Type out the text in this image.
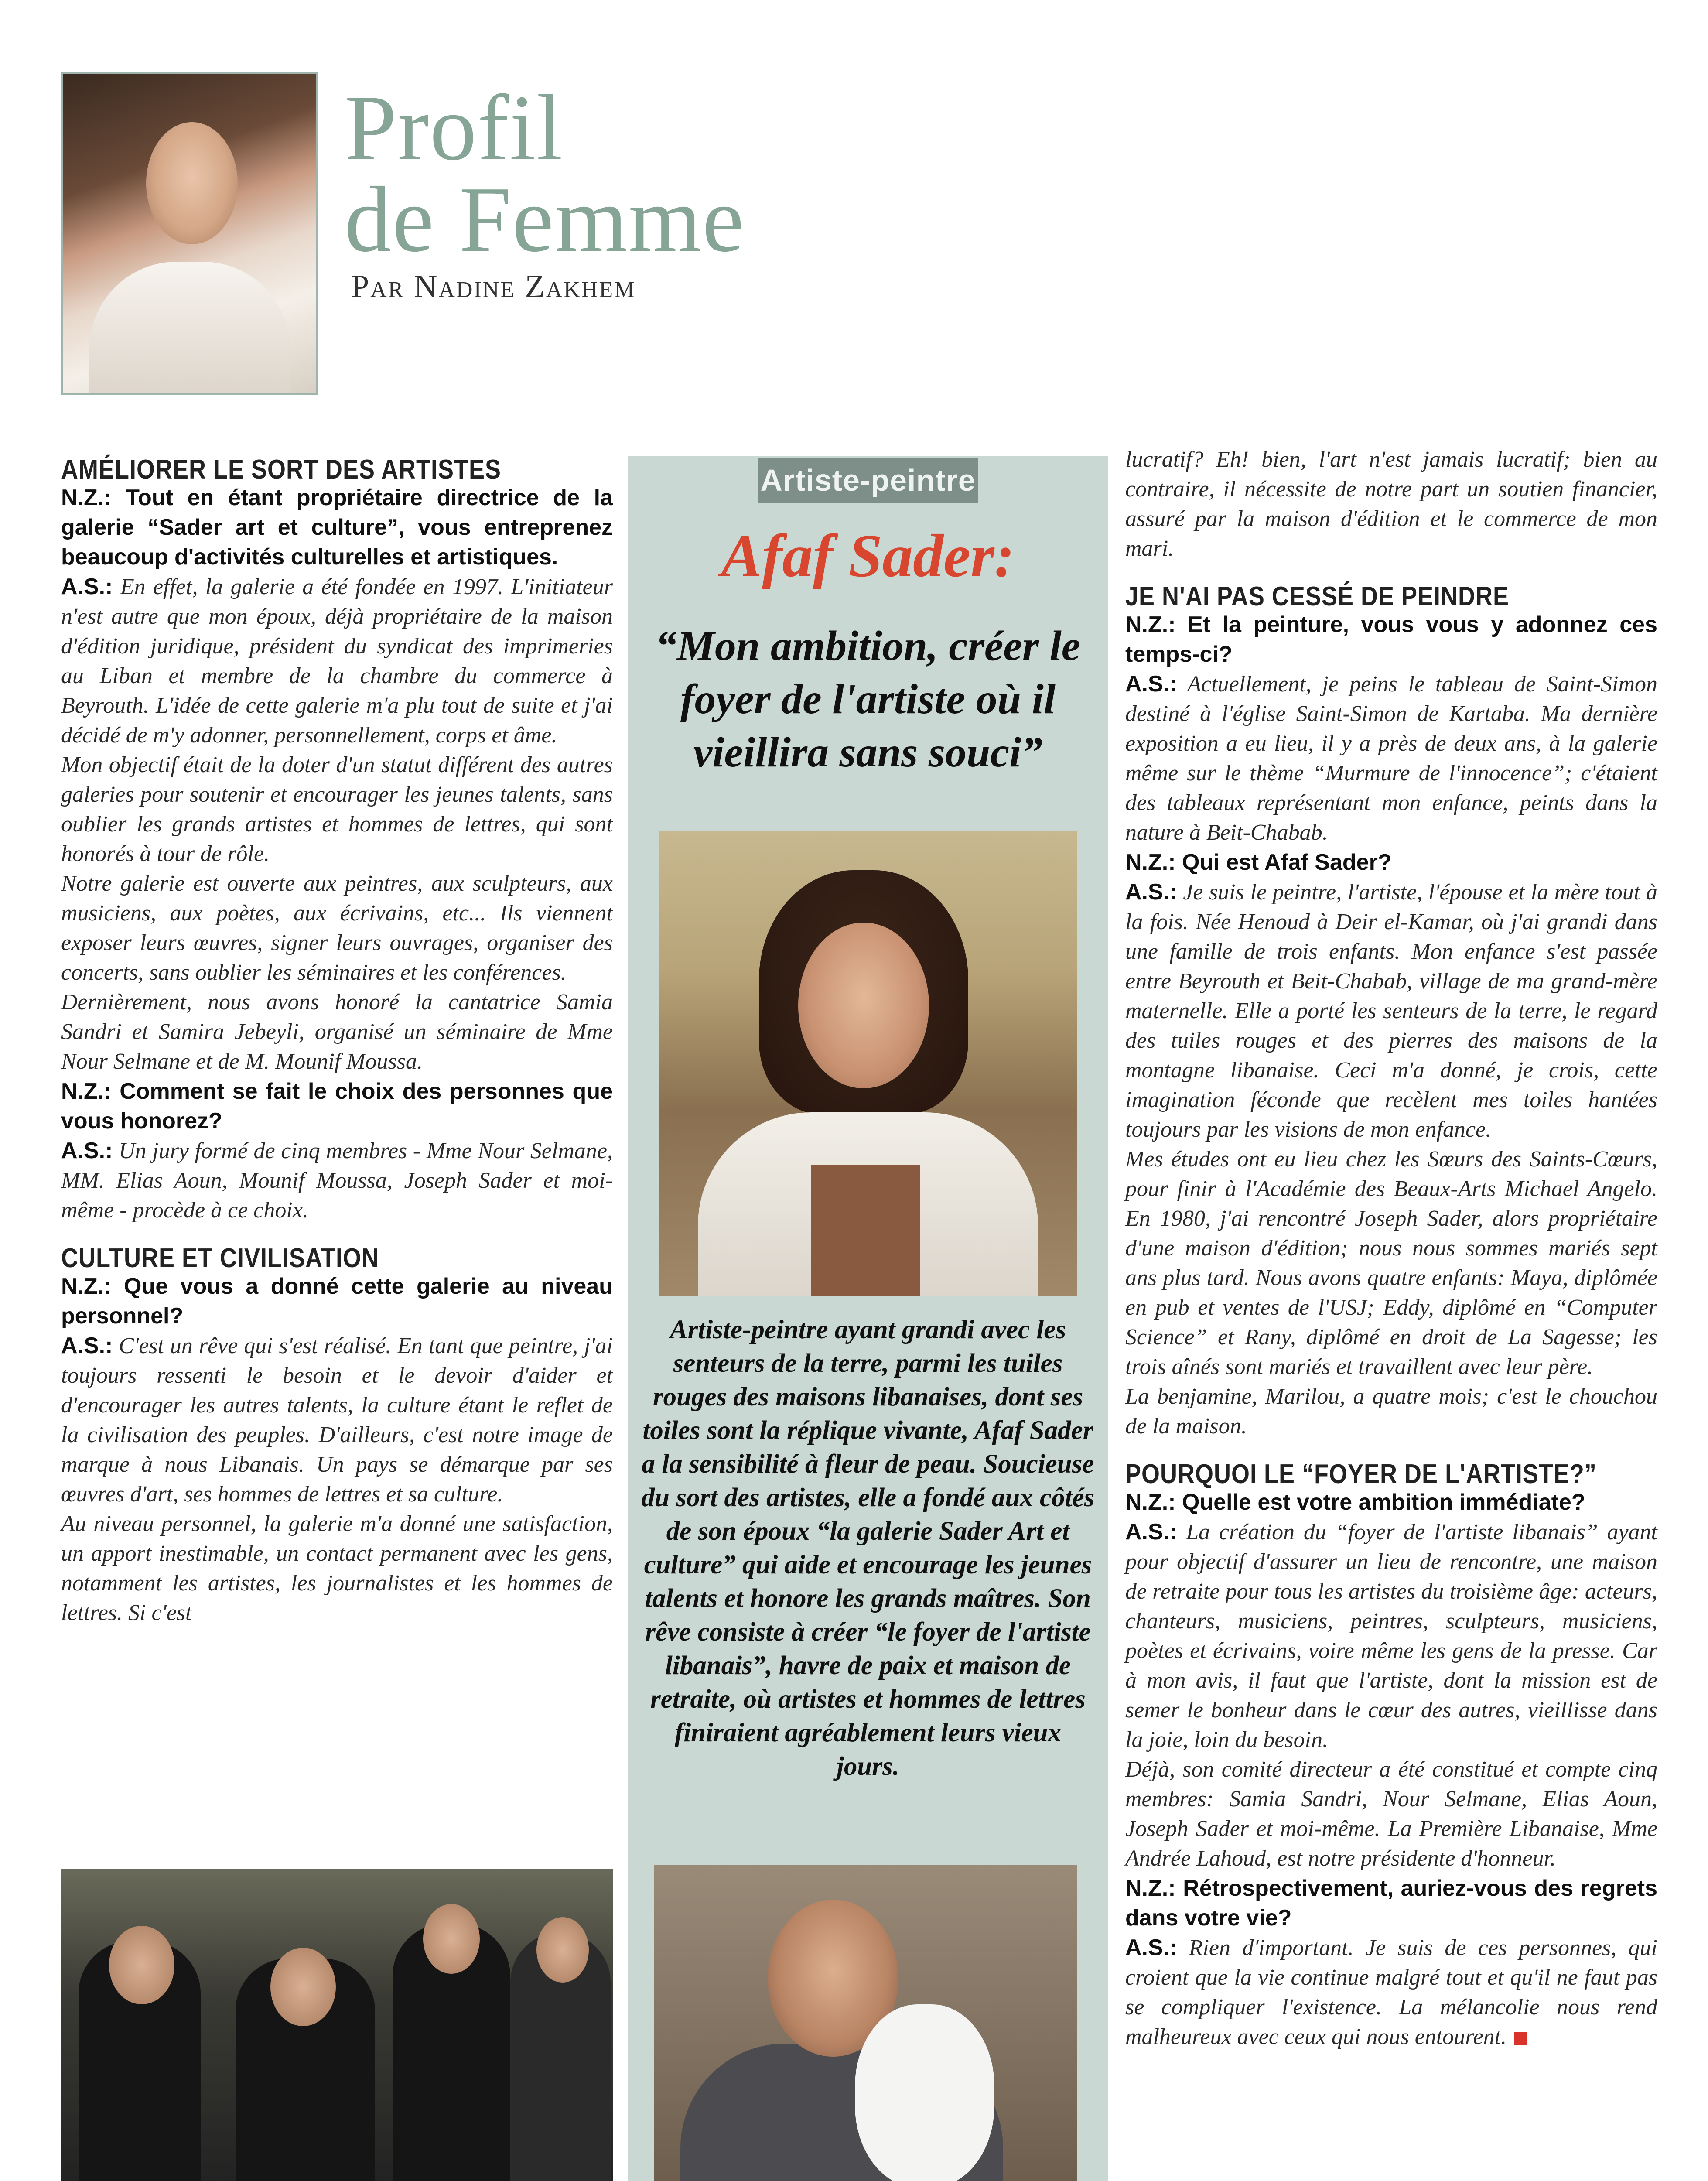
Profil
de Femme
Par Nadine Zakhem

AMÉLIORER LE SORT DES ARTISTES

N.Z.: Tout en étant propriétaire directrice de la galerie “Sader art et culture”, vous entreprenez beaucoup d'activités culturelles et artistiques.

A.S.: En effet, la galerie a été fondée en 1997. L'initiateur n'est autre que mon époux, déjà propriétaire de la maison d'édition juridique, président du syndicat des imprimeries au Liban et membre de la chambre du commerce à Beyrouth. L'idée de cette galerie m'a plu tout de suite et j'ai décidé de m'y adonner, personnellement, corps et âme.

Mon objectif était de la doter d'un statut différent des autres galeries pour soutenir et encourager les jeunes talents, sans oublier les grands artistes et hommes de lettres, qui sont honorés à tour de rôle.

Notre galerie est ouverte aux peintres, aux sculpteurs, aux musiciens, aux poètes, aux écrivains, etc... Ils viennent exposer leurs œuvres, signer leurs ouvrages, organiser des concerts, sans oublier les séminaires et les conférences.

Dernièrement, nous avons honoré la cantatrice Samia Sandri et Samira Jebeyli, organisé un séminaire de Mme Nour Selmane et de M. Mounif Moussa.

N.Z.: Comment se fait le choix des personnes que vous honorez?

A.S.: Un jury formé de cinq membres - Mme Nour Selmane, MM. Elias Aoun, Mounif Moussa, Joseph Sader et moi-même - procède à ce choix.

CULTURE ET CIVILISATION

N.Z.: Que vous a donné cette galerie au niveau personnel?

A.S.: C'est un rêve qui s'est réalisé. En tant que peintre, j'ai toujours ressenti le besoin et le devoir d'aider et d'encourager les autres talents, la culture étant le reflet de la civilisation des peuples. D'ailleurs, c'est notre image de marque à nous Libanais. Un pays se démarque par ses œuvres d'art, ses hommes de lettres et sa culture.

Au niveau personnel, la galerie m'a donné une satisfaction, un apport inestimable, un contact permanent avec les gens, notamment les artistes, les journalistes et les hommes de lettres. Si c'est

Artiste-peintre
Afaf Sader:
“Mon ambition, créer le foyer de l'artiste où il vieillira sans souci”
Artiste-peintre ayant grandi avec les senteurs de la terre, parmi les tuiles rouges des maisons libanaises, dont ses toiles sont la réplique vivante, Afaf Sader a la sensibilité à fleur de peau. Soucieuse du sort des artistes, elle a fondé aux côtés de son époux “la galerie Sader Art et culture” qui aide et encourage les jeunes talents et honore les grands maîtres. Son rêve consiste à créer “le foyer de l'artiste libanais”, havre de paix et maison de retraite, où artistes et hommes de lettres finiraient agréablement leurs vieux jours.

lucratif? Eh! bien, l'art n'est jamais lucratif; bien au contraire, il nécessite de notre part un soutien financier, assuré par la maison d'édition et le commerce de mon mari.

JE N'AI PAS CESSÉ DE PEINDRE

N.Z.: Et la peinture, vous vous y adonnez ces temps-ci?

A.S.: Actuellement, je peins le tableau de Saint-Simon destiné à l'église Saint-Simon de Kartaba. Ma dernière exposition a eu lieu, il y a près de deux ans, à la galerie même sur le thème “Murmure de l'innocence”; c'étaient des tableaux représentant mon enfance, peints dans la nature à Beit-Chabab.

N.Z.: Qui est Afaf Sader?

A.S.: Je suis le peintre, l'artiste, l'épouse et la mère tout à la fois. Née Henoud à Deir el-Kamar, où j'ai grandi dans une famille de trois enfants. Mon enfance s'est passée entre Beyrouth et Beit-Chabab, village de ma grand-mère maternelle. Elle a porté les senteurs de la terre, le regard des tuiles rouges et des pierres des maisons de la montagne libanaise. Ceci m'a donné, je crois, cette imagination féconde que recèlent mes toiles hantées toujours par les visions de mon enfance.

Mes études ont eu lieu chez les Sœurs des Saints-Cœurs, pour finir à l'Académie des Beaux-Arts Michael Angelo. En 1980, j'ai rencontré Joseph Sader, alors propriétaire d'une maison d'édition; nous nous sommes mariés sept ans plus tard. Nous avons quatre enfants: Maya, diplômée en pub et ventes de l'USJ; Eddy, diplômé en “Computer Science” et Rany, diplômé en droit de La Sagesse; les trois aînés sont mariés et travaillent avec leur père.

La benjamine, Marilou, a quatre mois; c'est le chouchou de la maison.

POURQUOI LE “FOYER DE L'ARTISTE?”

N.Z.: Quelle est votre ambition immédiate?

A.S.: La création du “foyer de l'artiste libanais” ayant pour objectif d'assurer un lieu de rencontre, une maison de retraite pour tous les artistes du troisième âge: acteurs, chanteurs, musiciens, peintres, sculpteurs, musiciens, poètes et écrivains, voire même les gens de la presse. Car à mon avis, il faut que l'artiste, dont la mission est de semer le bonheur dans le cœur des autres, vieillisse dans la joie, loin du besoin.

Déjà, son comité directeur a été constitué et compte cinq membres: Samia Sandri, Nour Selmane, Elias Aoun, Joseph Sader et moi-même. La Première Libanaise, Mme Andrée Lahoud, est notre présidente d'honneur.

N.Z.: Rétrospectivement, auriez-vous des regrets dans votre vie?

A.S.: Rien d'important. Je suis de ces personnes, qui croient que la vie continue malgré tout et qu'il ne faut pas se compliquer l'existence. La mélancolie nous rend malheureux avec ceux qui nous entourent.
